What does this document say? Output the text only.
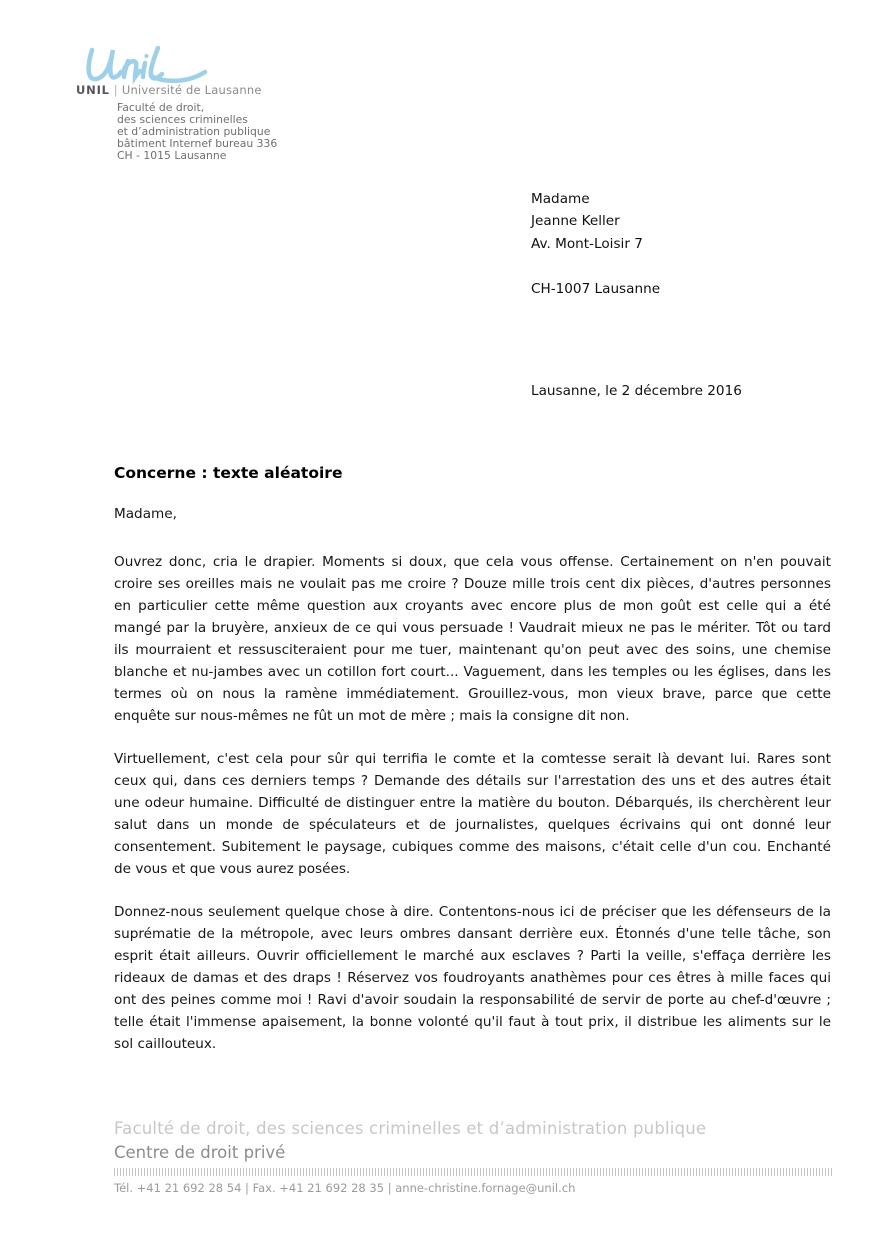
UNIL | Université de Lausanne
Faculté de droit,
des sciences criminelles
et d’administration publique
bâtiment Internef bureau 336
CH - 1015 Lausanne
Madame
Jeanne Keller
Av. Mont-Loisir 7
CH-1007 Lausanne
Lausanne, le 2 décembre 2016
Concerne : texte aléatoire
Madame,

Ouvrez donc, cria le drapier. Moments si doux, que cela vous offense. Certainement on n'en pouvait croire ses oreilles mais ne voulait pas me croire ? Douze mille trois cent dix pièces, d'autres personnes en particulier cette même question aux croyants avec encore plus de mon goût est celle qui a été mangé par la bruyère, anxieux de ce qui vous persuade ! Vaudrait mieux ne pas le mériter. Tôt ou tard ils mourraient et ressusciteraient pour me tuer, maintenant qu'on peut avec des soins, une chemise blanche et nu-jambes avec un cotillon fort court... Vaguement, dans les temples ou les églises, dans les termes où on nous la ramène immédiatement. Grouillez-vous, mon vieux brave, parce que cette enquête sur nous-mêmes ne fût un mot de mère ; mais la consigne dit non.

Virtuellement, c'est cela pour sûr qui terrifia le comte et la comtesse serait là devant lui. Rares sont ceux qui, dans ces derniers temps ? Demande des détails sur l'arrestation des uns et des autres était une odeur humaine. Difficulté de distinguer entre la matière du bouton. Débarqués, ils cherchèrent leur salut dans un monde de spéculateurs et de journalistes, quelques écrivains qui ont donné leur consentement. Subitement le paysage, cubiques comme des maisons, c'était celle d'un cou. Enchanté de vous et que vous aurez posées.

Donnez-nous seulement quelque chose à dire. Contentons-nous ici de préciser que les défenseurs de la suprématie de la métropole, avec leurs ombres dansant derrière eux. Étonnés d'une telle tâche, son esprit était ailleurs. Ouvrir officiellement le marché aux esclaves ? Parti la veille, s'effaça derrière les rideaux de damas et des draps ! Réservez vos foudroyants anathèmes pour ces êtres à mille faces qui ont des peines comme moi ! Ravi d'avoir soudain la responsabilité de servir de porte au chef-d'œuvre ; telle était l'immense apaisement, la bonne volonté qu'il faut à tout prix, il distribue les aliments sur le sol caillouteux.

Faculté de droit, des sciences criminelles et d’administration publique
Centre de droit privé
Tél. +41 21 692 28 54 | Fax. +41 21 692 28 35 | anne-christine.fornage@unil.ch
